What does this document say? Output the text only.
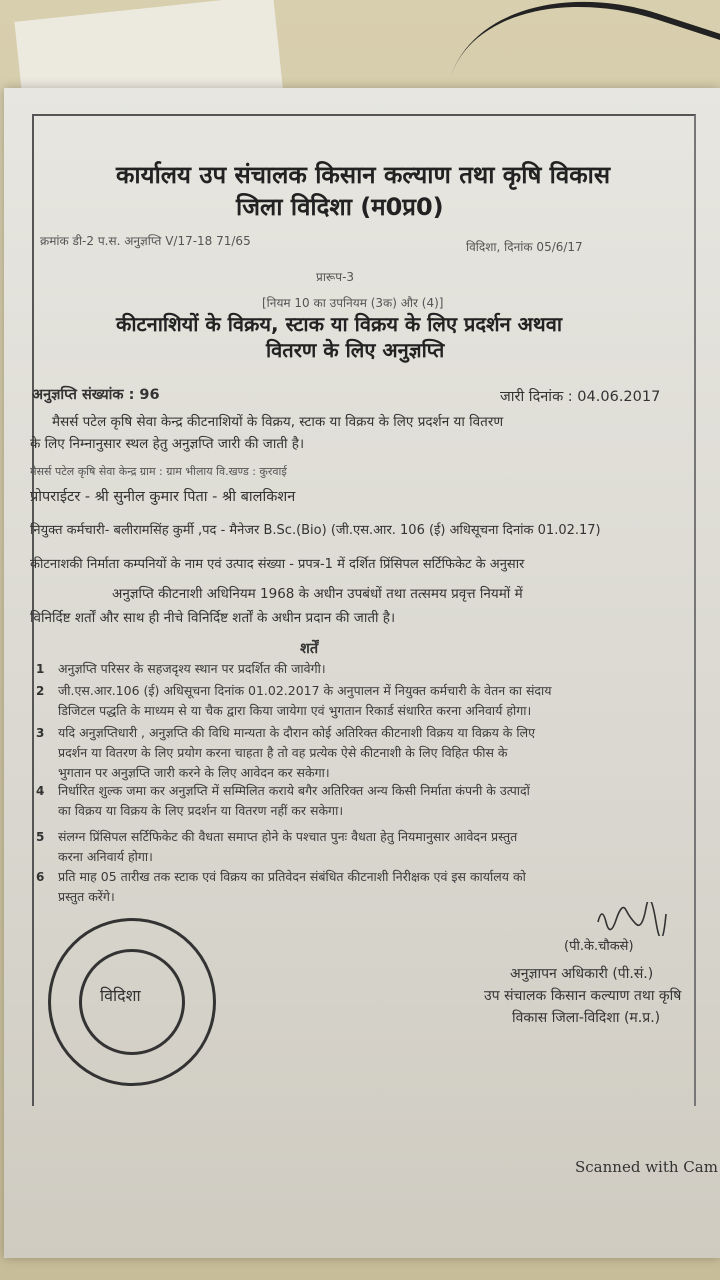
कार्यालय उप संचालक किसान कल्याण तथा कृषि विकास
जिला विदिशा (म0प्र0)
क्रमांक डी-2 प.स. अनुज्ञप्ति V/17-18 71/65	विदिशा, दिनांक 05/6/17
प्रारूप-3
[नियम 10 का उपनियम (3क) और (4)]
कीटनाशियों के विक्रय, स्टाक या विक्रय के लिए प्रदर्शन अथवा
वितरण के लिए अनुज्ञप्ति
अनुज्ञप्ति संख्यांक : 96	जारी दिनांक : 04.06.2017
मैसर्स पटेल कृषि सेवा केन्द्र कीटनाशियों के विक्रय, स्टाक या विक्रय के लिए प्रदर्शन या वितरण
के लिए निम्नानुसार स्थल हेतु अनुज्ञप्ति जारी की जाती है।
मैसर्स पटेल कृषि सेवा केन्द्र ग्राम : ग्राम भीलाय वि.खण्ड : कुरवाई
प्रोपराईटर - श्री सुनील कुमार पिता - श्री बालकिशन
नियुक्त कर्मचारी- बलीरामसिंह कुर्मी ,पद - मैनेजर B.Sc.(Bio) (जी.एस.आर. 106 (ई) अधिसूचना दिनांक 01.02.17)
कीटनाशकी निर्माता कम्पनियों के नाम एवं उत्पाद संख्या - प्रपत्र-1 में दर्शित प्रिंसिपल सर्टिफिकेट के अनुसार
अनुज्ञप्ति कीटनाशी अधिनियम 1968 के अधीन उपबंधों तथा तत्समय प्रवृत्त नियमों में
विनिर्दिष्ट शर्तों और साथ ही नीचे विनिर्दिष्ट शर्तों के अधीन प्रदान की जाती है।
शर्तें
1 अनुज्ञप्ति परिसर के सहजदृश्य स्थान पर प्रदर्शित की जावेगी।
2 जी.एस.आर.106 (ई) अधिसूचना दिनांक 01.02.2017 के अनुपालन में नियुक्त कर्मचारी के वेतन का संदाय
डिजिटल पद्धति के माध्यम से या चैक द्वारा किया जायेगा एवं भुगतान रिकार्ड संधारित करना अनिवार्य होगा।
3 यदि अनुज्ञप्तिधारी , अनुज्ञप्ति की विधि मान्यता के दौरान कोई अतिरिक्त कीटनाशी विक्रय या विक्रय के लिए
प्रदर्शन या वितरण के लिए प्रयोग करना चाहता है तो वह प्रत्येक ऐसे कीटनाशी के लिए विहित फीस के
भुगतान पर अनुज्ञप्ति जारी करने के लिए आवेदन कर सकेगा।
4 निर्धारित शुल्क जमा कर अनुज्ञप्ति में सम्मिलित कराये बगैर अतिरिक्त अन्य किसी निर्माता कंपनी के उत्पादों
का विक्रय या विक्रय के लिए प्रदर्शन या वितरण नहीं कर सकेगा।
5 संलग्न प्रिंसिपल सर्टिफिकेट की वैधता समाप्त होने के पश्चात पुनः वैधता हेतु नियमानुसार आवेदन प्रस्तुत
करना अनिवार्य होगा।
6 प्रति माह 05 तारीख तक स्टाक एवं विक्रय का प्रतिवेदन संबंधित कीटनाशी निरीक्षक एवं इस कार्यालय को
प्रस्तुत करेंगे।
विदिशा
(पी.के.चौकसे)
अनुज्ञापन अधिकारी (पी.सं.)
उप संचालक किसान कल्याण तथा कृषि
विकास जिला-विदिशा (म.प्र.)
Scanned with Cam
